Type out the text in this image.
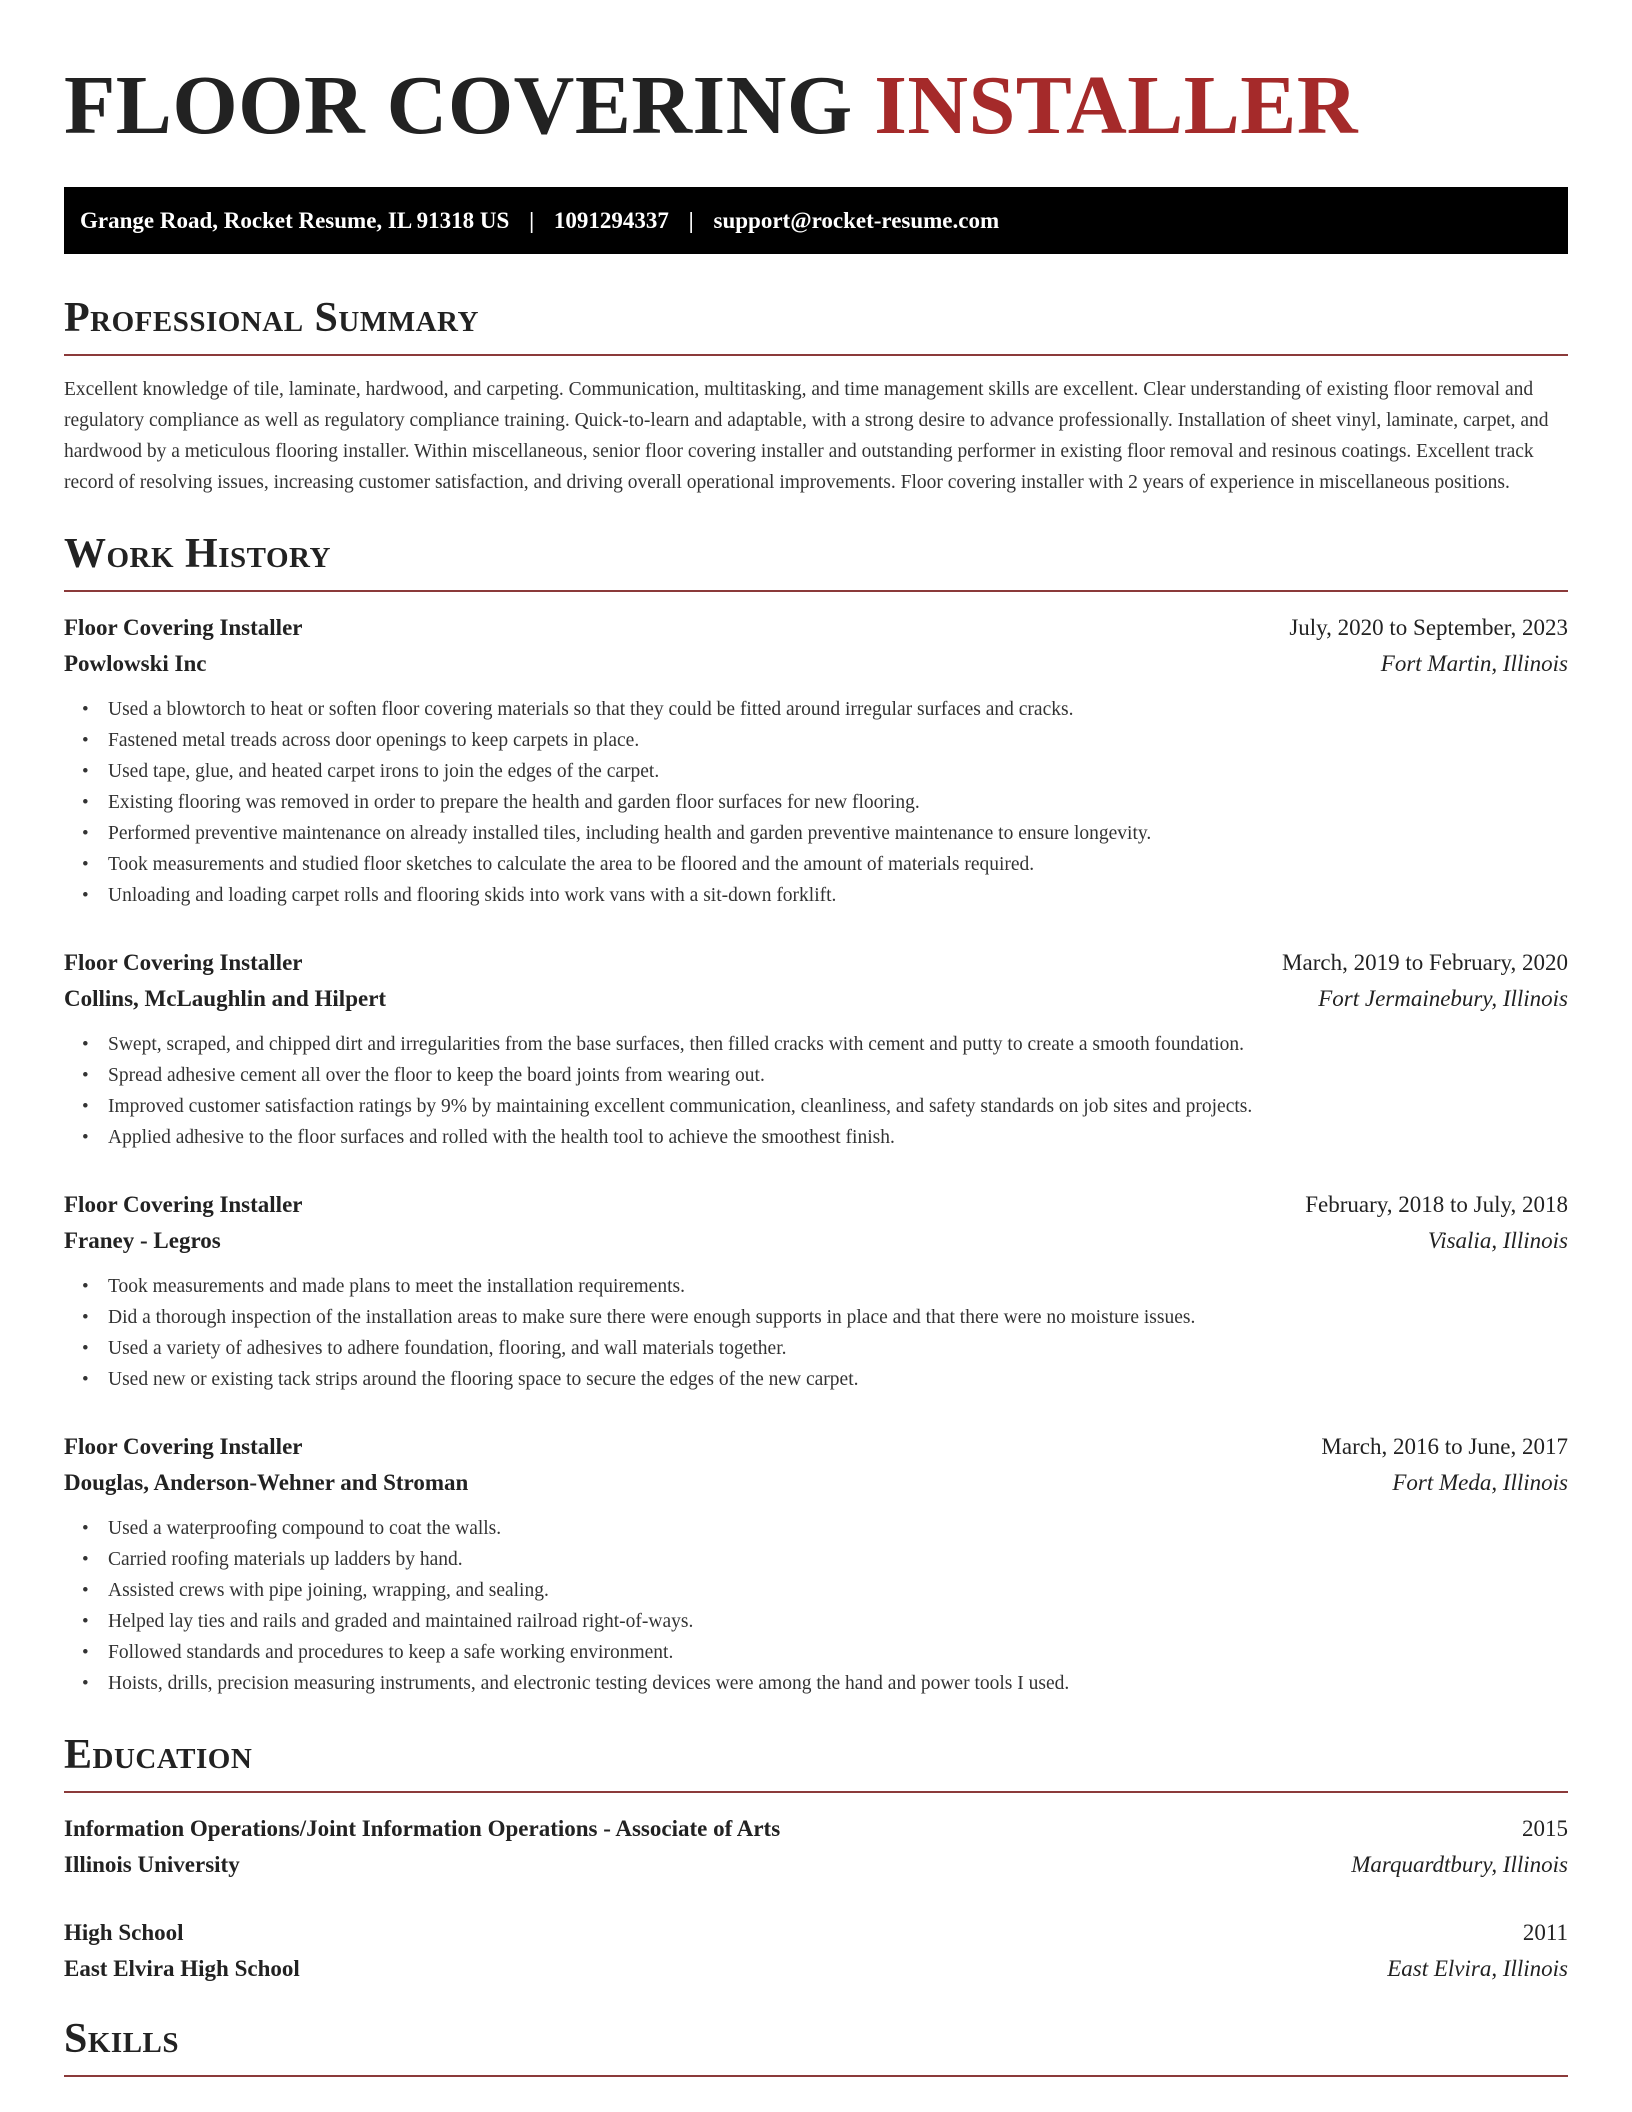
FLOOR COVERING INSTALLER
Grange Road, Rocket Resume, IL 91318 US | 1091294337 | support@rocket-resume.com
Professional Summary

Excellent knowledge of tile, laminate, hardwood, and carpeting. Communication, multitasking, and time management skills are excellent. Clear understanding of existing floor removal and regulatory compliance as well as regulatory compliance training. Quick-to-learn and adaptable, with a strong desire to advance professionally. Installation of sheet vinyl, laminate, carpet, and hardwood by a meticulous flooring installer. Within miscellaneous, senior floor covering installer and outstanding performer in existing floor removal and resinous coatings. Excellent track record of resolving issues, increasing customer satisfaction, and driving overall operational improvements. Floor covering installer with 2 years of experience in miscellaneous positions.

Work History
Floor Covering Installer	July, 2020 to September, 2023
Powlowski Inc	Fort Martin, Illinois
• Used a blowtorch to heat or soften floor covering materials so that they could be fitted around irregular surfaces and cracks.
• Fastened metal treads across door openings to keep carpets in place.
• Used tape, glue, and heated carpet irons to join the edges of the carpet.
• Existing flooring was removed in order to prepare the health and garden floor surfaces for new flooring.
• Performed preventive maintenance on already installed tiles, including health and garden preventive maintenance to ensure longevity.
• Took measurements and studied floor sketches to calculate the area to be floored and the amount of materials required.
• Unloading and loading carpet rolls and flooring skids into work vans with a sit-down forklift.
Floor Covering Installer	March, 2019 to February, 2020
Collins, McLaughlin and Hilpert	Fort Jermainebury, Illinois
• Swept, scraped, and chipped dirt and irregularities from the base surfaces, then filled cracks with cement and putty to create a smooth foundation.
• Spread adhesive cement all over the floor to keep the board joints from wearing out.
• Improved customer satisfaction ratings by 9% by maintaining excellent communication, cleanliness, and safety standards on job sites and projects.
• Applied adhesive to the floor surfaces and rolled with the health tool to achieve the smoothest finish.
Floor Covering Installer	February, 2018 to July, 2018
Franey - Legros	Visalia, Illinois
• Took measurements and made plans to meet the installation requirements.
• Did a thorough inspection of the installation areas to make sure there were enough supports in place and that there were no moisture issues.
• Used a variety of adhesives to adhere foundation, flooring, and wall materials together.
• Used new or existing tack strips around the flooring space to secure the edges of the new carpet.
Floor Covering Installer	March, 2016 to June, 2017
Douglas, Anderson-Wehner and Stroman	Fort Meda, Illinois
• Used a waterproofing compound to coat the walls.
• Carried roofing materials up ladders by hand.
• Assisted crews with pipe joining, wrapping, and sealing.
• Helped lay ties and rails and graded and maintained railroad right-of-ways.
• Followed standards and procedures to keep a safe working environment.
• Hoists, drills, precision measuring instruments, and electronic testing devices were among the hand and power tools I used.
Education
Information Operations/Joint Information Operations - Associate of Arts	2015
Illinois University	Marquardtbury, Illinois
High School	2011
East Elvira High School	East Elvira, Illinois
Skills
